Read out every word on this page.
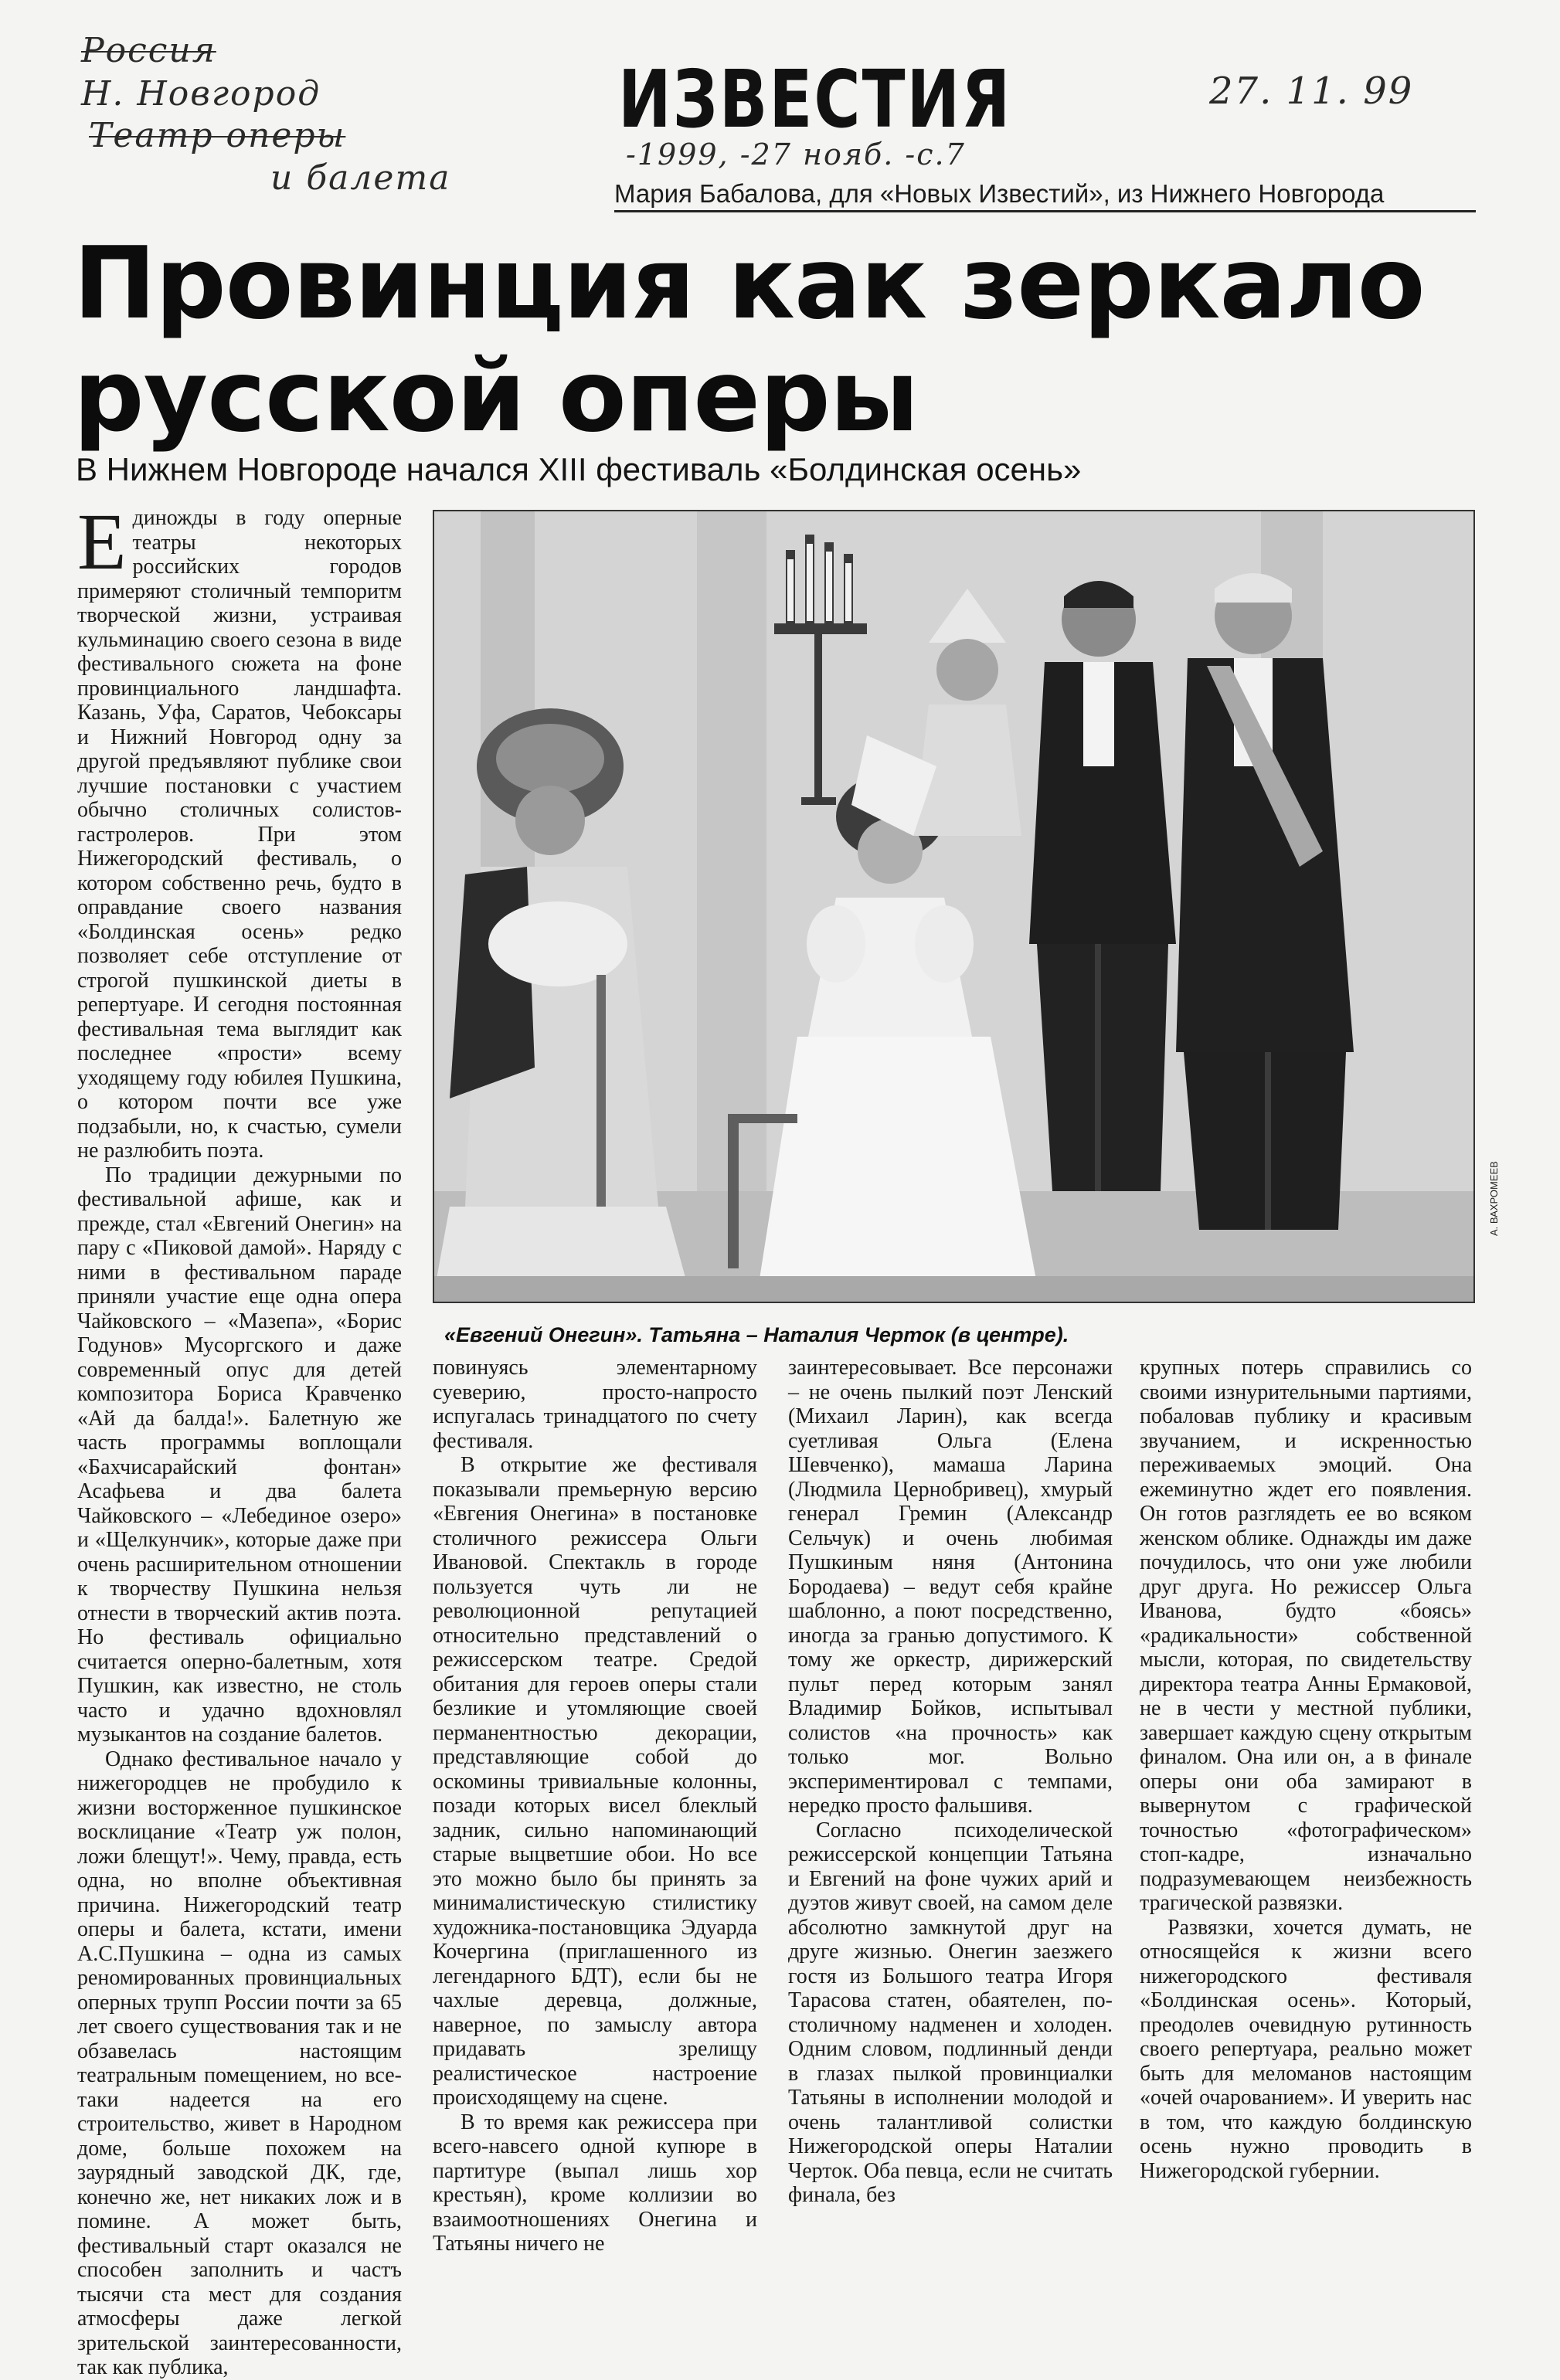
Россия
Н. Новгород
Театр оперы
и балета
27. 11. 99
-1999, -27 нояб. -с.7
ИЗВЕСТИЯ
Мария Бабалова, для «Новых Известий», из Нижнего Новгорода
Провинция как зеркало русской оперы
В Нижнем Новгороде начался XIII фестиваль «Болдинская осень»

Единожды в году оперные театры некоторых российских городов примеряют столичный темпоритм творческой жизни, устраивая кульминацию своего сезона в виде фестивального сюжета на фоне провинциального ландшафта. Казань, Уфа, Саратов, Чебоксары и Нижний Новгород одну за другой предъявляют публике свои лучшие постановки с участием обычно столичных солистов-гастролеров. При этом Нижегородский фестиваль, о котором собственно речь, будто в оправдание своего названия «Болдинская осень» редко позволяет себе отступление от строгой пушкинской диеты в репертуаре. И сегодня постоянная фестивальная тема выглядит как последнее «прости» всему уходящему году юбилея Пушкина, о котором почти все уже подзабыли, но, к счастью, сумели не разлюбить поэта.

По традиции дежурными по фестивальной афише, как и прежде, стал «Евгений Онегин» на пару с «Пиковой дамой». Наряду с ними в фестивальном параде приняли участие еще одна опера Чайковского – «Мазепа», «Борис Годунов» Мусоргского и даже современный опус для детей композитора Бориса Кравченко «Ай да балда!». Балетную же часть программы воплощали «Бахчисарайский фонтан» Асафьева и два балета Чайковского – «Лебединое озеро» и «Щелкунчик», которые даже при очень расширительном отношении к творчеству Пушкина нельзя отнести в творческий актив поэта. Но фестиваль официально считается оперно-балетным, хотя Пушкин, как известно, не столь часто и удачно вдохновлял музыкантов на создание балетов.

Однако фестивальное начало у нижегородцев не пробудило к жизни восторженное пушкинское восклицание «Театр уж полон, ложи блещут!». Чему, правда, есть одна, но вполне объективная причина. Нижегородский театр оперы и балета, кстати, имени А.С.Пушкина – одна из самых реномированных провинциальных оперных трупп России почти за 65 лет своего существования так и не обзавелась настоящим театральным помещением, но все-таки надеется на его строительство, живет в Народном доме, больше похожем на заурядный заводской ДК, где, конечно же, нет никаких лож и в помине. А может быть, фестивальный старт оказался не способен заполнить и частъ тысячи ста мест для создания атмосферы даже легкой зрительской заинтересованности, так как публика,

А. ВАХРОМЕЕВ
«Евгений Онегин». Татьяна – Наталия Черток (в центре).

повинуясь элементарному суеверию, просто-напросто испугалась тринадцатого по счету фестиваля.

В открытие же фестиваля показывали премьерную версию «Евгения Онегина» в постановке столичного режиссера Ольги Ивановой. Спектакль в городе пользуется чуть ли не революционной репутацией относительно представлений о режиссерском театре. Средой обитания для героев оперы стали безликие и утомляющие своей перманентностью декорации, представляющие собой до оскомины тривиальные колонны, позади которых висел блеклый задник, сильно напоминающий старые выцветшие обои. Но все это можно было бы принять за минималистическую стилистику художника-постановщика Эдуарда Кочергина (приглашенного из легендарного БДТ), если бы не чахлые деревца, должные, наверное, по замыслу автора придавать зрелищу реалистическое настроение происходящему на сцене.

В то время как режиссера при всего-навсего одной купюре в партитуре (выпал лишь хор крестьян), кроме коллизии во взаимоотношениях Онегина и Татьяны ничего не

заинтересовывает. Все персонажи – не очень пылкий поэт Ленский (Михаил Ларин), как всегда суетливая Ольга (Елена Шевченко), мамаша Ларина (Людмила Цернобривец), хмурый генерал Гремин (Александр Сельчук) и очень любимая Пушкиным няня (Антонина Бородаева) – ведут себя крайне шаблонно, а поют посредственно, иногда за гранью допустимого. К тому же оркестр, дирижерский пульт перед которым занял Владимир Бойков, испытывал солистов «на прочность» как только мог. Вольно экспериментировал с темпами, нередко просто фальшивя.

Согласно психоделической режиссерской концепции Татьяна и Евгений на фоне чужих арий и дуэтов живут своей, на самом деле абсолютно замкнутой друг на друге жизнью. Онегин заезжего гостя из Большого театра Игоря Тарасова статен, обаятелен, по-столичному надменен и холоден. Одним словом, подлинный денди в глазах пылкой провинциалки Татьяны в исполнении молодой и очень талантливой солистки Нижегородской оперы Наталии Черток. Оба певца, если не считать финала, без

крупных потерь справились со своими изнурительными партиями, побаловав публику и красивым звучанием, и искренностью переживаемых эмоций. Она ежеминутно ждет его появления. Он готов разглядеть ее во всяком женском облике. Однажды им даже почудилось, что они уже любили друг друга. Но режиссер Ольга Иванова, будто «боясь» «радикальности» собственной мысли, которая, по свидетельству директора театра Анны Ермаковой, не в чести у местной публики, завершает каждую сцену открытым финалом. Она или он, а в финале оперы они оба замирают в вывернутом с графической точностью «фотографическом» стоп-кадре, изначально подразумевающем неизбежность трагической развязки.

Развязки, хочется думать, не относящейся к жизни всего нижегородского фестиваля «Болдинская осень». Который, преодолев очевидную рутинность своего репертуара, реально может быть для меломанов настоящим «очей очарованием». И уверить нас в том, что каждую болдинскую осень нужно проводить в Нижегородской губернии.
